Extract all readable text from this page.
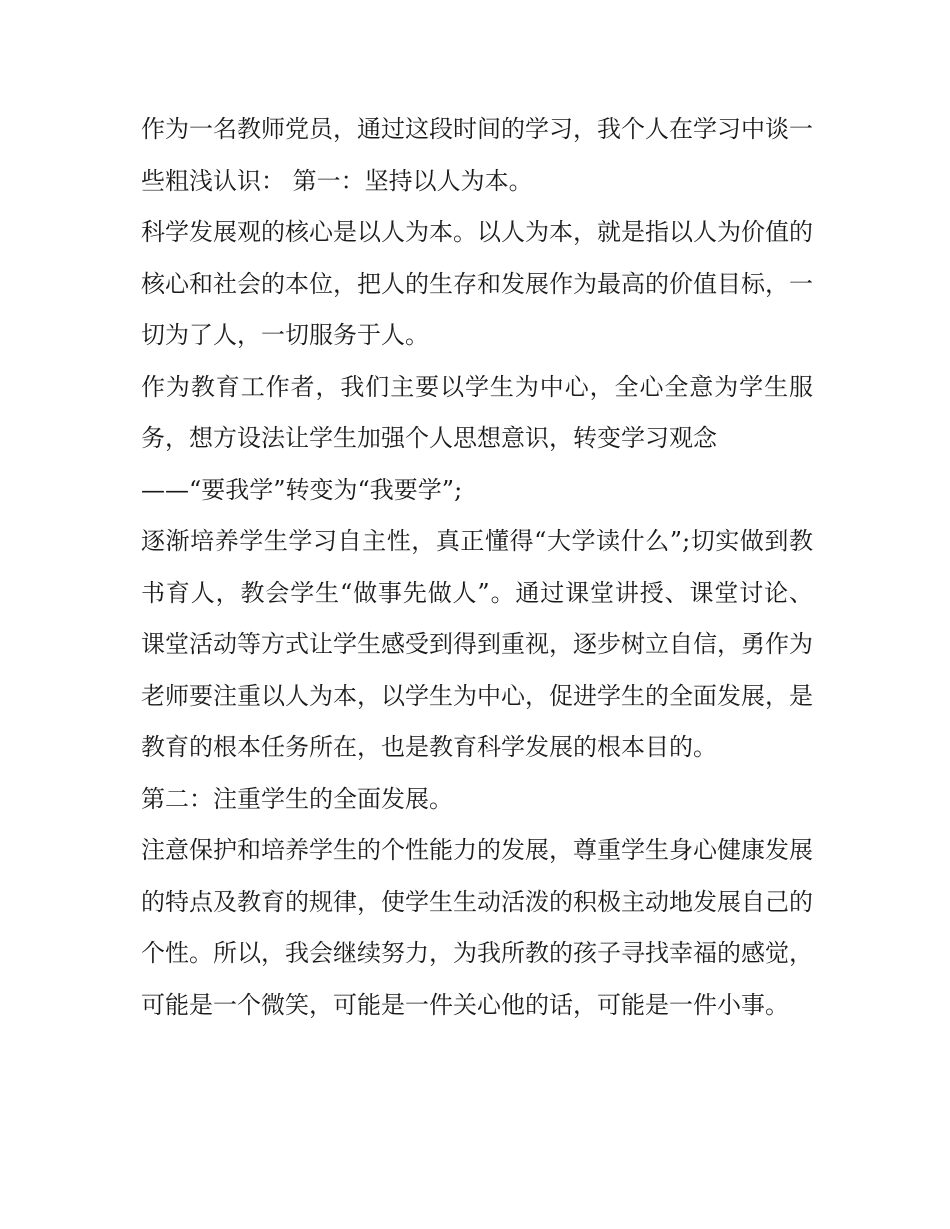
作为一名教师党员，通过这段时间的学习，我个人在学习中谈一些粗浅认识： 第一：坚持以人为本。

科学发展观的核心是以人为本。以人为本，就是指以人为价值的核心和社会的本位，把人的生存和发展作为最高的价值目标，一切为了人，一切服务于人。

作为教育工作者，我们主要以学生为中心，全心全意为学生服务，想方设法让学生加强个人思想意识，转变学习观念

——“要我学”转变为“我要学”;

逐渐培养学生学习自主性，真正懂得“大学读什么”;切实做到教书育人，教会学生“做事先做人”。通过课堂讲授、课堂讨论、课堂活动等方式让学生感受到得到重视，逐步树立自信，勇作为老师要注重以人为本，以学生为中心，促进学生的全面发展，是教育的根本任务所在，也是教育科学发展的根本目的。

第二：注重学生的全面发展。

注意保护和培养学生的个性能力的发展，尊重学生身心健康发展的特点及教育的规律，使学生生动活泼的积极主动地发展自己的个性。所以，我会继续努力，为我所教的孩子寻找幸福的感觉，可能是一个微笑，可能是一件关心他的话，可能是一件小事。
